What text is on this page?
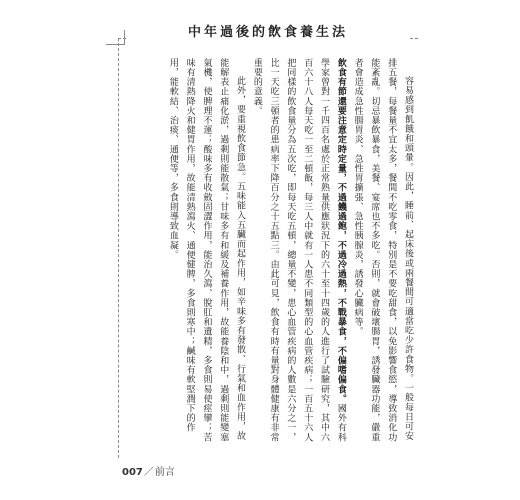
中年過後的飲食養生法

容易感到飢餓和頭暈。因此，睡前、起床後或兩餐間可適當吃少許食物。一般每日可安排五餐，每餐量不宜太多，餐間不吃零食，特別是不要吃甜食，以免影響食慾，導致消化功能紊亂。切忌暴飲暴食，美餐、宴席也不多吃。否則，就會破壞腸胃，誘發臟器功能，嚴重者會造成急性腸胃炎、急性胃擴張、急性胰腺炎，誘發心臟病等。

飲食有節還要注意定時定量，不過饑過飽，不過冷過熱，不戰暴食，不偏嗜偏食。國外有科學家曾對一千四百名處於正常熟量供應狀況下的六十至十四歲的人進行了試驗研究，其中六百六十八人每天吃一至二頓飯，每三人中就有一人患不同類型的心血管疾病；一百五十六人把同樣的飲食量分為五次吃，即每天吃五頓，總量不變，患心血管疾病的人數是六分之一，比一天吃三頓者的患病率下降百分之十五點三。由此可見，飲食有時有量對身體健康有非常重要的意義。

此外，要重視飲食節急。五味能入五臟而起作用，如辛味多有發散、行氣和血作用，故能解表止痛化淤，過剩則能散氣；甘味多有和緩及補養作用，故能養陰和中，過剩則能變塞氣機，使脾理不運；酸味多有收斂固澀作用，能治久瀉、脫肛和遺精，多食則易使痙攣；苦味有清熱降火和健胃作用，故能清熱瀉火、通便健脾，多食則寒中；鹹味有軟堅潤下的作用，能軟結、治痰、通便等，多食則導致血凝。

007／前言
